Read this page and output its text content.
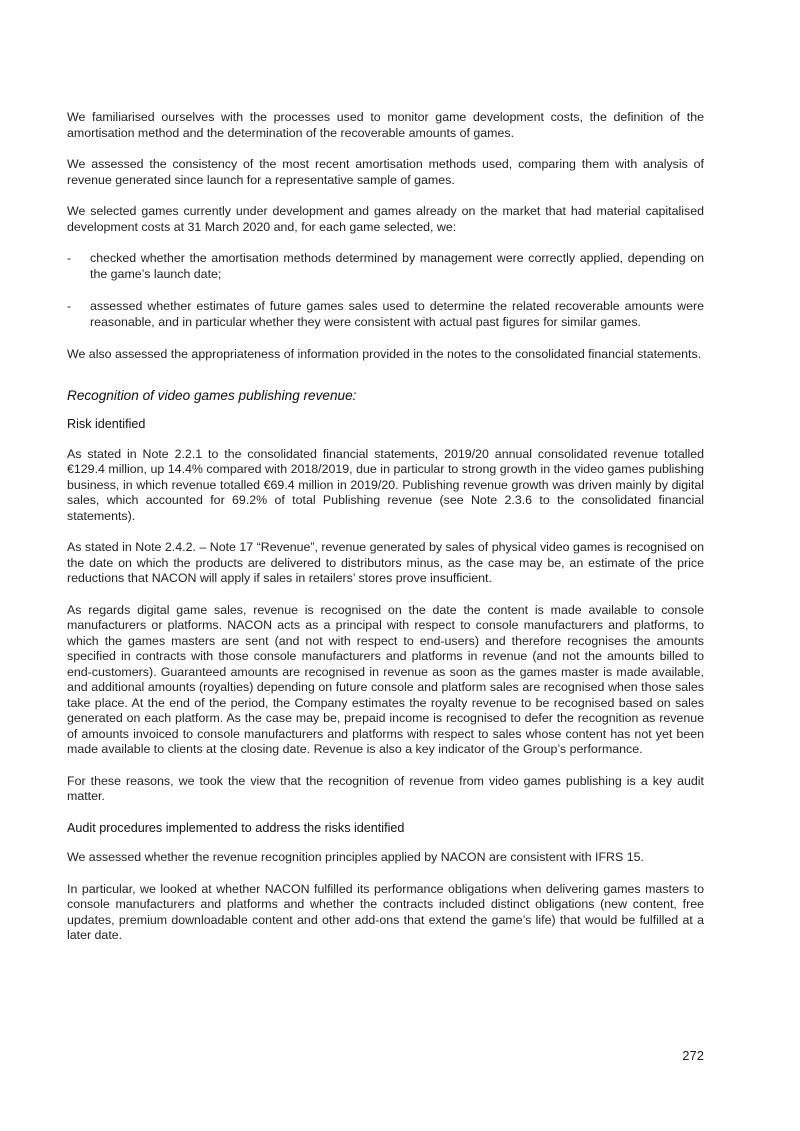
We familiarised ourselves with the processes used to monitor game development costs, the definition of the amortisation method and the determination of the recoverable amounts of games.

We assessed the consistency of the most recent amortisation methods used, comparing them with analysis of revenue generated since launch for a representative sample of games.

We selected games currently under development and games already on the market that had material capitalised development costs at 31 March 2020 and, for each game selected, we:

- checked whether the amortisation methods determined by management were correctly applied, depending on the game’s launch date;
- assessed whether estimates of future games sales used to determine the related recoverable amounts were reasonable, and in particular whether they were consistent with actual past figures for similar games.

We also assessed the appropriateness of information provided in the notes to the consolidated financial statements.

Recognition of video games publishing revenue:
Risk identified

As stated in Note 2.2.1 to the consolidated financial statements, 2019/20 annual consolidated revenue totalled €129.4 million, up 14.4% compared with 2018/2019, due in particular to strong growth in the video games publishing business, in which revenue totalled €69.4 million in 2019/20. Publishing revenue growth was driven mainly by digital sales, which accounted for 69.2% of total Publishing revenue (see Note 2.3.6 to the consolidated financial statements).

As stated in Note 2.4.2. – Note 17 “Revenue”, revenue generated by sales of physical video games is recognised on the date on which the products are delivered to distributors minus, as the case may be, an estimate of the price reductions that NACON will apply if sales in retailers’ stores prove insufficient.

As regards digital game sales, revenue is recognised on the date the content is made available to console manufacturers or platforms. NACON acts as a principal with respect to console manufacturers and platforms, to which the games masters are sent (and not with respect to end-users) and therefore recognises the amounts specified in contracts with those console manufacturers and platforms in revenue (and not the amounts billed to end-customers). Guaranteed amounts are recognised in revenue as soon as the games master is made available, and additional amounts (royalties) depending on future console and platform sales are recognised when those sales take place. At the end of the period, the Company estimates the royalty revenue to be recognised based on sales generated on each platform. As the case may be, prepaid income is recognised to defer the recognition as revenue of amounts invoiced to console manufacturers and platforms with respect to sales whose content has not yet been made available to clients at the closing date. Revenue is also a key indicator of the Group’s performance.

For these reasons, we took the view that the recognition of revenue from video games publishing is a key audit matter.

Audit procedures implemented to address the risks identified

We assessed whether the revenue recognition principles applied by NACON are consistent with IFRS 15.

In particular, we looked at whether NACON fulfilled its performance obligations when delivering games masters to console manufacturers and platforms and whether the contracts included distinct obligations (new content, free updates, premium downloadable content and other add-ons that extend the game’s life) that would be fulfilled at a later date.

272
